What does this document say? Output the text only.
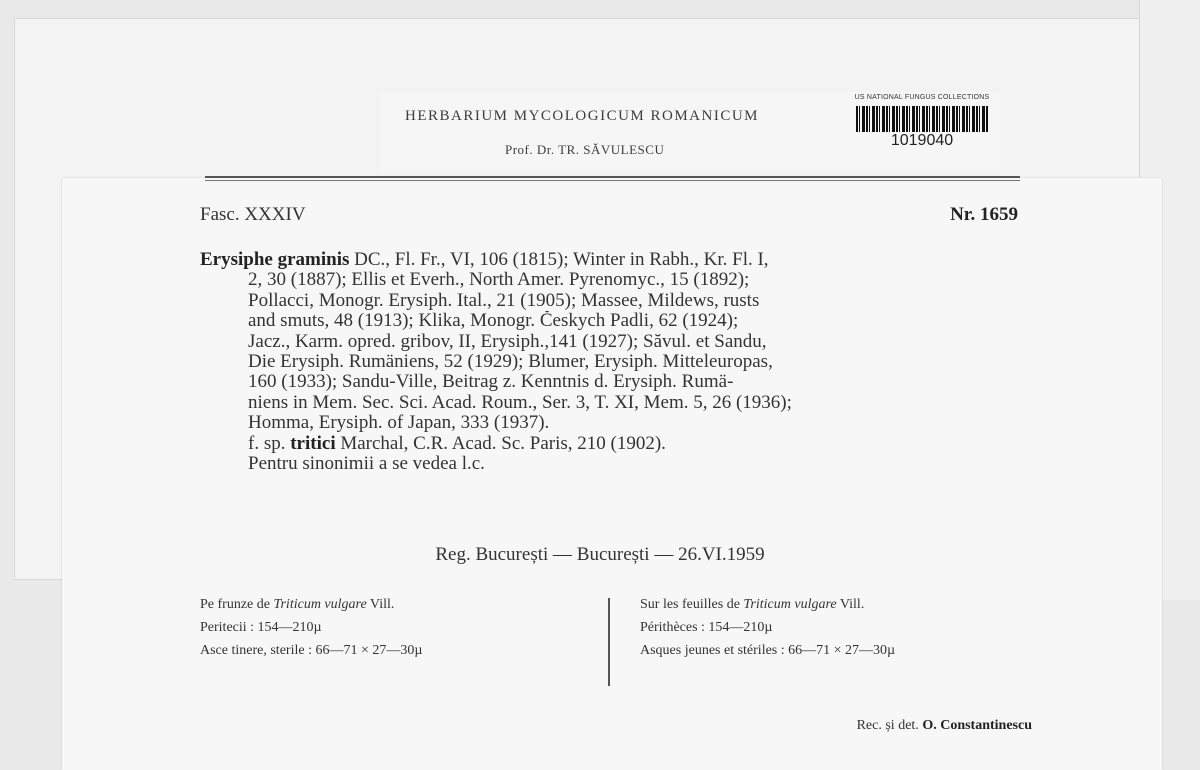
HERBARIUM MYCOLOGICUM ROMANICUM
Prof. Dr. TR. SĂVULESCU
US NATIONAL FUNGUS COLLECTIONS
1019040
Fasc. XXXIV	Nr. 1659
Erysiphe graminis DC., Fl. Fr., VI, 106 (1815); Winter in Rabh., Kr. Fl. I,
2, 30 (1887); Ellis et Everh., North Amer. Pyrenomyc., 15 (1892);
Pollacci, Monogr. Erysiph. Ital., 21 (1905); Massee, Mildews, rusts
and smuts, 48 (1913); Klika, Monogr. Českych Padli, 62 (1924);
Jacz., Karm. opred. gribov, II, Erysiph.,141 (1927); Săvul. et Sandu,
Die Erysiph. Rumäniens, 52 (1929); Blumer, Erysiph. Mitteleuropas,
160 (1933); Sandu-Ville, Beitrag z. Kenntnis d. Erysiph. Rumä-
niens in Mem. Sec. Sci. Acad. Roum., Ser. 3, T. XI, Mem. 5, 26 (1936);
Homma, Erysiph. of Japan, 333 (1937).
f. sp. tritici Marchal, C.R. Acad. Sc. Paris, 210 (1902).
Pentru sinonimii a se vedea l.c.
Reg. București — București — 26.VI.1959
Pe frunze de Triticum vulgare Vill.
Peritecii : 154—210µ
Asce tinere, sterile : 66—71 × 27—30µ
Sur les feuilles de Triticum vulgare Vill.
Périthèces : 154—210µ
Asques jeunes et stériles : 66—71 × 27—30µ
Rec. și det. O. Constantinescu
